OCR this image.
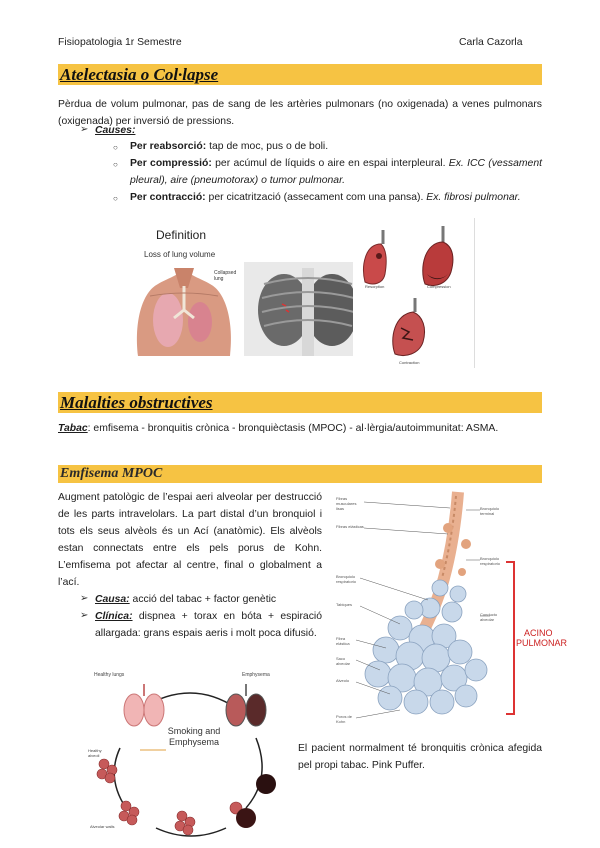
Fisiopatologia 1r Semestre	Carla Cazorla
Atelectasia o Col·lapse
Pèrdua de volum pulmonar, pas de sang de les artèries pulmonars (no oxigenada) a venes pulmonars (oxigenada) per inversió de pressions.
➢ Causes:
○ Per reabsorció: tap de moc, pus o de boli.
○ Per compressió: per acúmul de líquids o aire en espai interpleural. Ex. ICC (vessament pleural), aire (pneumotorax) o tumor pulmonar.
○ Per contracció: per cicatrització (assecament com una pansa). Ex. fibrosi pulmonar.
Definition
Loss of lung volume
Collapsed lung
Resorption	Compression
Contraction
Malalties obstructives
Tabac: emfisema - bronquitis crònica - bronquièctasis (MPOC) - al·lèrgia/autoimmunitat: ASMA.
Emfisema MPOC
Augment patològic de l’espai aeri alveolar per destrucció de les parts intravelolars. La part distal d’un bronquiol i tots els seus alvèols és un Ací (anatòmic). Els alvèols estan connectats entre els pels porus de Kohn. L’emfisema pot afectar al centre, final o globalment a l’ací.
➢ Causa: acció del tabac + factor genètic
➢ Clínica: dispnea + torax en bóta + espiració allargada: grans espais aeris i molt poca difusió.	ACINO
PULMONAR
Fibras musculares lisas
Fibras elásticas
Bronquiolo respiratorio
Tabiques
Fibra elástica
Saco alveolar
Alveolo
Poros de Kohn
Bronquiolo terminal
Bronquiolo respiratorio
Conducto alveolar
Smoking and
Emphysema
Healthy lungs	Emphysema
Healthy alveoli
Alveolar walls
El pacient normalment té bronquitis crònica afegida pel propi tabac. Pink Puffer.
